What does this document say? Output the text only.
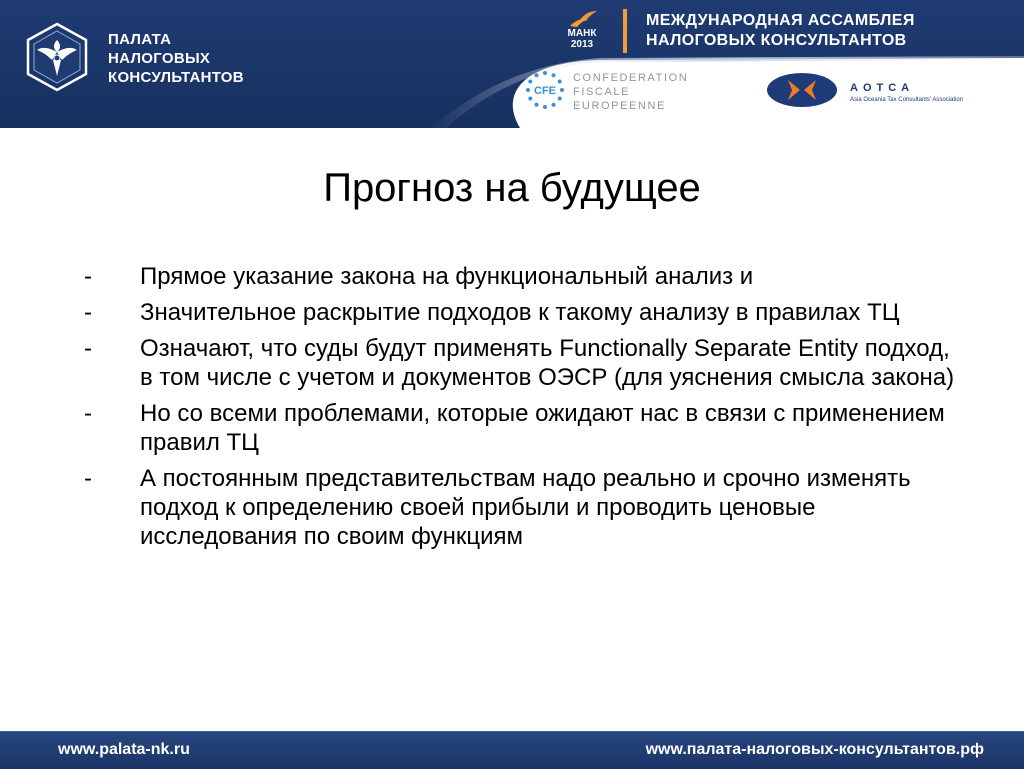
ПАЛАТА
НАЛОГОВЫХ
КОНСУЛЬТАНТОВ
МАНК
2013
МЕЖДУНАРОДНАЯ АССАМБЛЕЯ
НАЛОГОВЫХ КОНСУЛЬТАНТОВ
CFE
CONFEDERATION
FISCALE
EUROPEENNE
AOTCA
Asia Oceania Tax Consultants' Association
Прогноз на будущее
- Прямое указание закона на функциональный анализ и
- Значительное раскрытие подходов к такому анализу в правилах ТЦ
- Означают, что суды будут применять Functionally Separate Entity подход, в том числе с учетом и документов ОЭСР (для уяснения смысла закона)
- Но со всеми проблемами, которые ожидают нас в связи с применением правил ТЦ
- А постоянным представительствам надо реально и срочно изменять подход к определению своей прибыли и проводить ценовые исследования по своим функциям
www.palata-nk.ru	www.палата-налоговых-консультантов.рф
